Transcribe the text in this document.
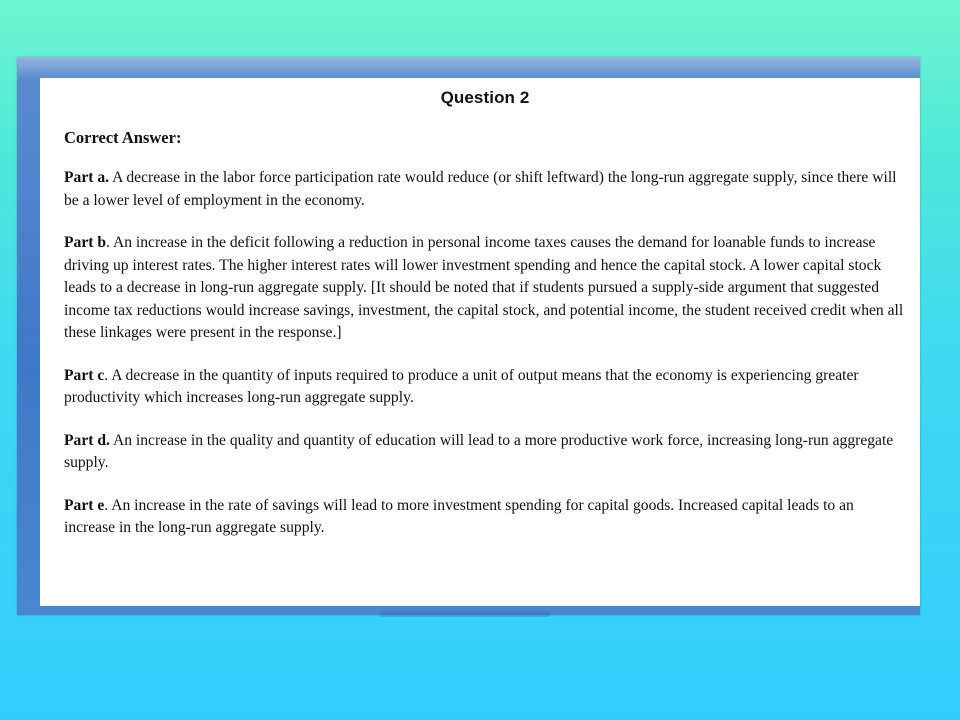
Question 2
Correct Answer:

Part a. A decrease in the labor force participation rate would reduce (or shift leftward) the long-run aggregate supply, since there will be a lower level of employment in the economy.

Part b. An increase in the deficit following a reduction in personal income taxes causes the demand for loanable funds to increase driving up interest rates. The higher interest rates will lower investment spending and hence the capital stock. A lower capital stock leads to a decrease in long-run aggregate supply. [It should be noted that if students pursued a supply-side argument that suggested income tax reductions would increase savings, investment, the capital stock, and potential income, the student received credit when all these linkages were present in the response.]

Part c. A decrease in the quantity of inputs required to produce a unit of output means that the economy is experiencing greater productivity which increases long-run aggregate supply.

Part d. An increase in the quality and quantity of education will lead to a more productive work force, increasing long-run aggregate supply.

Part e. An increase in the rate of savings will lead to more investment spending for capital goods. Increased capital leads to an increase in the long-run aggregate supply.
